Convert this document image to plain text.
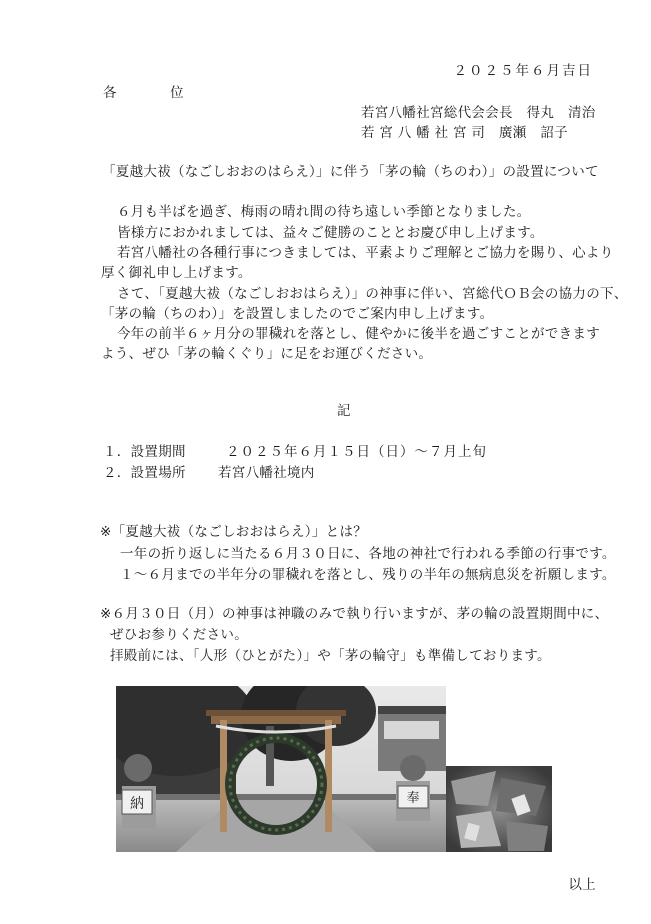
２０２５年６月吉日
各　位
若宮八幡社宮総代会会長　得丸　清治
若 宮 八 幡 社 宮 司　廣瀬　詔子
「夏越大祓（なごしおおのはらえ）」に伴う「茅の輪（ちのわ）」の設置について
６月も半ばを過ぎ、梅雨の晴れ間の待ち遠しい季節となりました。
皆様方におかれましては、益々ご健勝のこととお慶び申し上げます。
若宮八幡社の各種行事につきましては、平素よりご理解とご協力を賜り、心より
厚く御礼申し上げます。
さて、「夏越大祓（なごしおおはらえ）」の神事に伴い、宮総代ＯＢ会の協力の下、
「茅の輪（ちのわ）」を設置しましたのでご案内申し上げます。
今年の前半６ヶ月分の罪穢れを落とし、健やかに後半を過ごすことができます
よう、ぜひ「茅の輪くぐり」に足をお運びください。
記
１．設置期間	２０２５年６月１５日（日）～７月上旬
２．設置場所 若宮八幡社境内
※「夏越大祓（なごしおおはらえ）」とは？
一年の折り返しに当たる６月３０日に、各地の神社で行われる季節の行事です。
１～６月までの半年分の罪穢れを落とし、残りの半年の無病息災を祈願します。
※６月３０日（月）の神事は神職のみで執り行いますが、茅の輪の設置期間中に、
ぜひお参りください。
拝殿前には、「人形（ひとがた）」や「茅の輪守」も準備しております。
納	奉
以上
